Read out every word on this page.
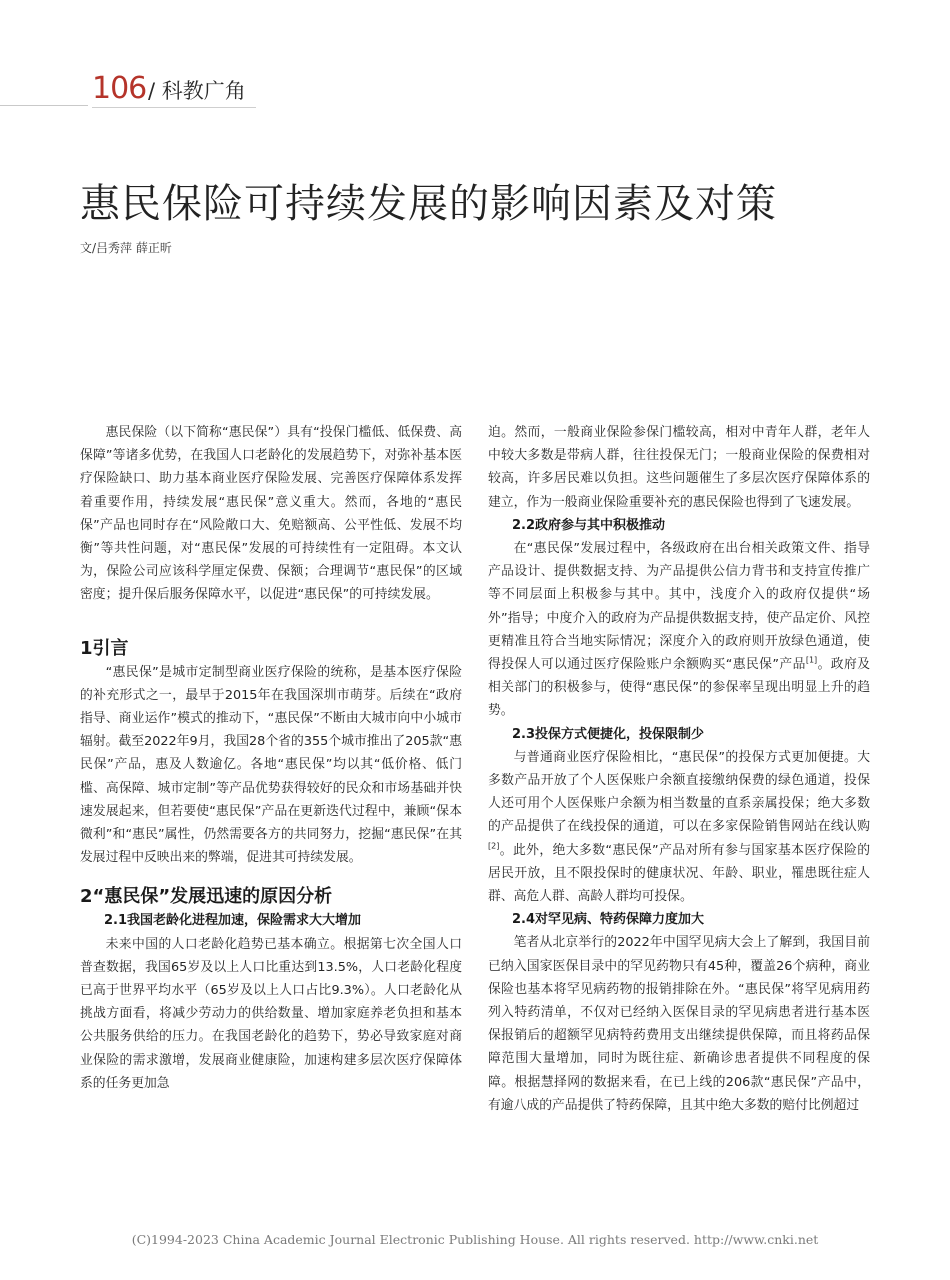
106 / 科教广角
惠民保险可持续发展的影响因素及对策
文/吕秀萍 薛正昕

惠民保险（以下简称“惠民保”）具有“投保门槛低、低保费、高保障”等诸多优势，在我国人口老龄化的发展趋势下，对弥补基本医疗保险缺口、助力基本商业医疗保险发展、完善医疗保障体系发挥着重要作用，持续发展“惠民保”意义重大。然而，各地的“惠民保”产品也同时存在“风险敞口大、免赔额高、公平性低、发展不均衡”等共性问题，对“惠民保”发展的可持续性有一定阻碍。本文认为，保险公司应该科学厘定保费、保额；合理调节“惠民保”的区域密度；提升保后服务保障水平，以促进“惠民保”的可持续发展。

1引言

“惠民保”是城市定制型商业医疗保险的统称，是基本医疗保险的补充形式之一，最早于2015年在我国深圳市萌芽。后续在“政府指导、商业运作”模式的推动下，“惠民保”不断由大城市向中小城市辐射。截至2022年9月，我国28个省的355个城市推出了205款“惠民保”产品，惠及人数逾亿。各地“惠民保”均以其“低价格、低门槛、高保障、城市定制”等产品优势获得较好的民众和市场基础并快速发展起来，但若要使“惠民保”产品在更新迭代过程中，兼顾“保本微利”和“惠民”属性，仍然需要各方的共同努力，挖掘“惠民保”在其发展过程中反映出来的弊端，促进其可持续发展。

2“惠民保”发展迅速的原因分析
2.1我国老龄化进程加速，保险需求大大增加

未来中国的人口老龄化趋势已基本确立。根据第七次全国人口普查数据，我国65岁及以上人口比重达到13.5%，人口老龄化程度已高于世界平均水平（65岁及以上人口占比9.3%）。人口老龄化从挑战方面看，将减少劳动力的供给数量、增加家庭养老负担和基本公共服务供给的压力。在我国老龄化的趋势下，势必导致家庭对商业保险的需求激增，发展商业健康险，加速构建多层次医疗保障体系的任务更加急

迫。然而，一般商业保险参保门槛较高，相对中青年人群，老年人中较大多数是带病人群，往往投保无门；一般商业保险的保费相对较高，许多居民难以负担。这些问题催生了多层次医疗保障体系的建立，作为一般商业保险重要补充的惠民保险也得到了飞速发展。

2.2政府参与其中积极推动

在“惠民保”发展过程中，各级政府在出台相关政策文件、指导产品设计、提供数据支持、为产品提供公信力背书和支持宣传推广等不同层面上积极参与其中。其中，浅度介入的政府仅提供“场外”指导；中度介入的政府为产品提供数据支持，使产品定价、风控更精准且符合当地实际情况；深度介入的政府则开放绿色通道，使得投保人可以通过医疗保险账户余额购买“惠民保”产品[1]。政府及相关部门的积极参与，使得“惠民保”的参保率呈现出明显上升的趋势。

2.3投保方式便捷化，投保限制少

与普通商业医疗保险相比，“惠民保”的投保方式更加便捷。大多数产品开放了个人医保账户余额直接缴纳保费的绿色通道，投保人还可用个人医保账户余额为相当数量的直系亲属投保；绝大多数的产品提供了在线投保的通道，可以在多家保险销售网站在线认购[2]。此外，绝大多数“惠民保”产品对所有参与国家基本医疗保险的居民开放，且不限投保时的健康状况、年龄、职业，罹患既往症人群、高危人群、高龄人群均可投保。

2.4对罕见病、特药保障力度加大

笔者从北京举行的2022年中国罕见病大会上了解到，我国目前已纳入国家医保目录中的罕见药物只有45种，覆盖26个病种，商业保险也基本将罕见病药物的报销排除在外。“惠民保”将罕见病用药列入特药清单，不仅对已经纳入医保目录的罕见病患者进行基本医保报销后的超额罕见病特药费用支出继续提供保障，而且将药品保障范围大量增加，同时为既往症、新确诊患者提供不同程度的保障。根据慧择网的数据来看，在已上线的206款“惠民保”产品中，有逾八成的产品提供了特药保障，且其中绝大多数的赔付比例超过

(C)1994-2023 China Academic Journal Electronic Publishing House. All rights reserved. http://www.cnki.net
